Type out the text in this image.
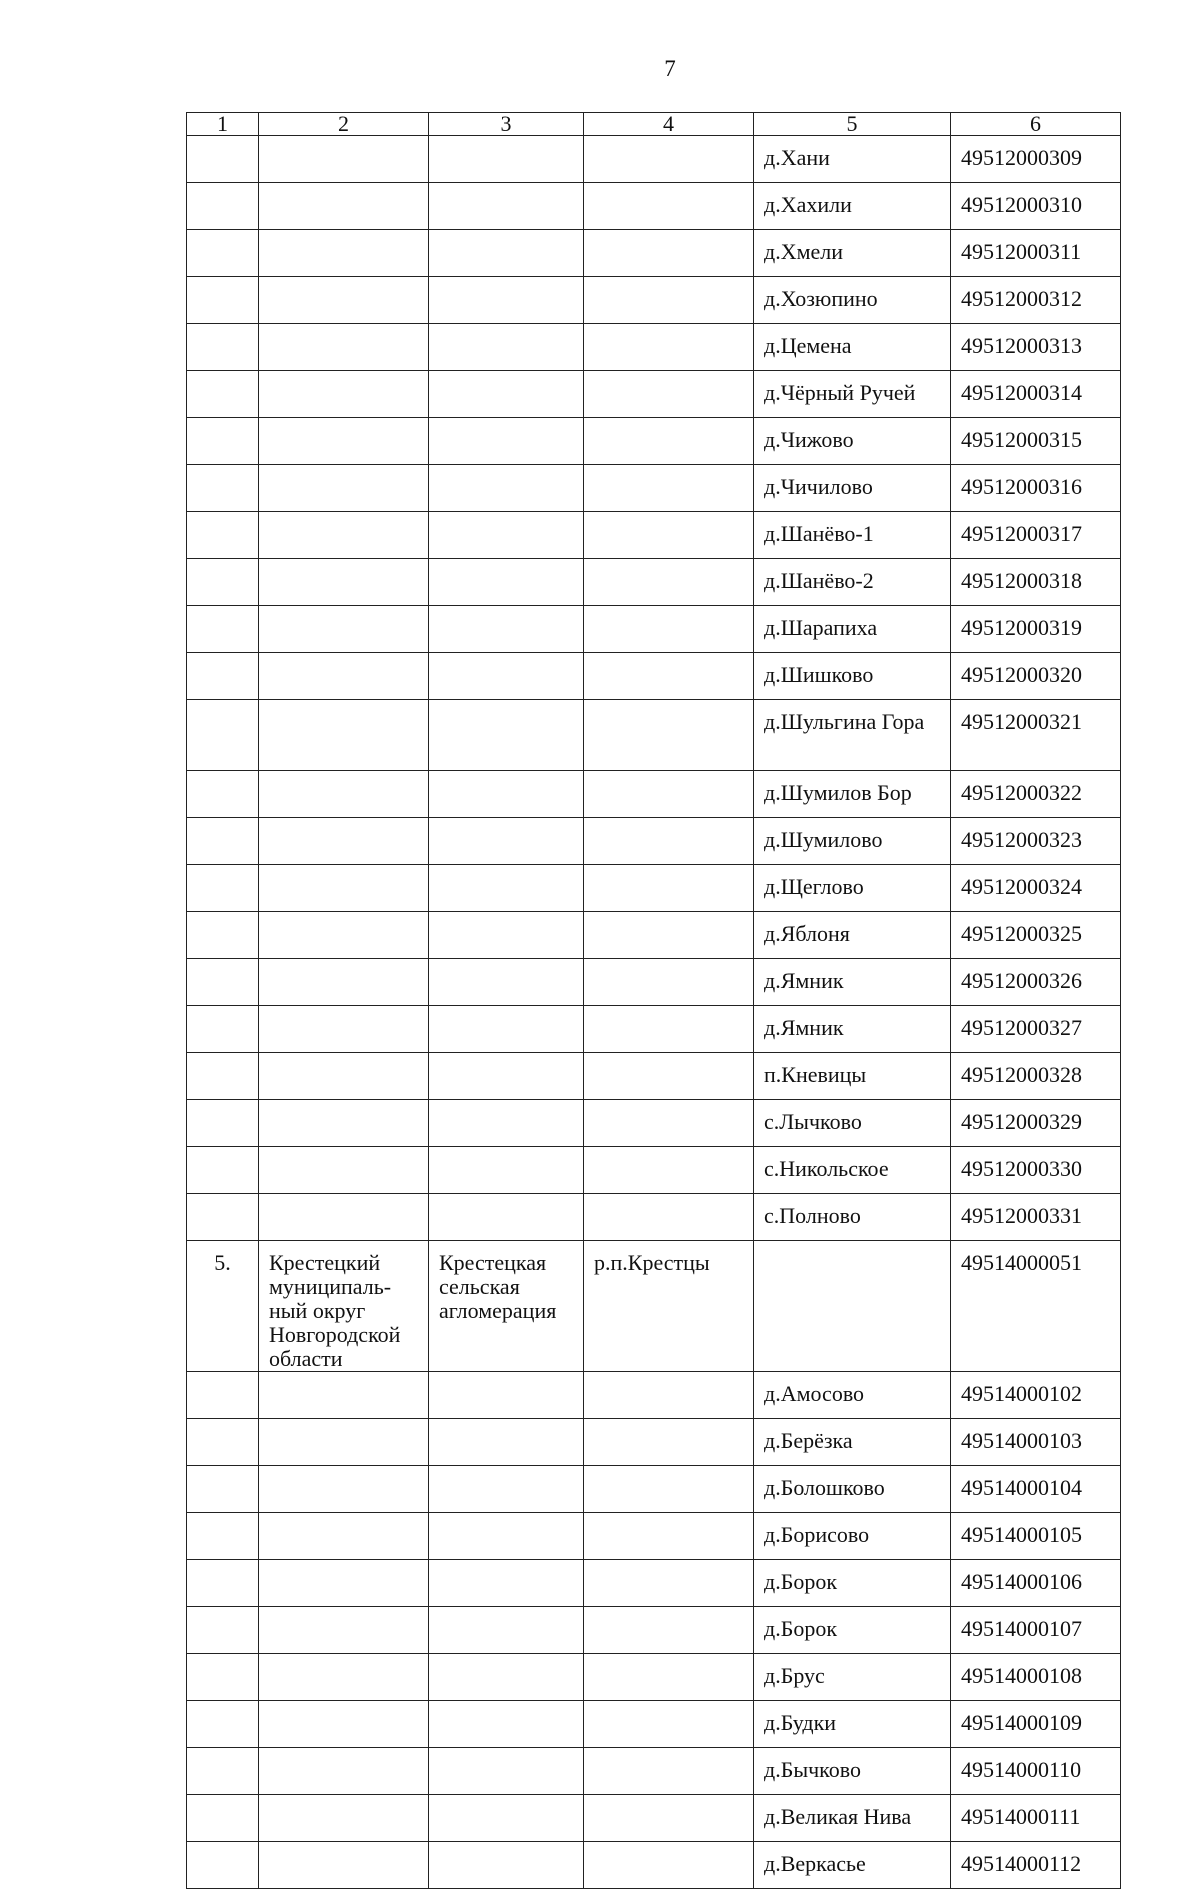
7
1	2	3	4	5	6
				д.Хани	49512000309
				д.Хахили	49512000310
				д.Хмели	49512000311
				д.Хозюпино	49512000312
				д.Цемена	49512000313
				д.Чёрный Ручей	49512000314
				д.Чижово	49512000315
				д.Чичилово	49512000316
				д.Шанёво-1	49512000317
				д.Шанёво-2	49512000318
				д.Шарапиха	49512000319
				д.Шишково	49512000320
				д.Шульгина Гора	49512000321
				д.Шумилов Бор	49512000322
				д.Шумилово	49512000323
				д.Щеглово	49512000324
				д.Яблоня	49512000325
				д.Ямник	49512000326
				д.Ямник	49512000327
				п.Кневицы	49512000328
				с.Лычково	49512000329
				с.Никольское	49512000330
				с.Полново	49512000331
5.	Крестецкий муниципаль-ный округ Новгородской области	Крестецкая сельская агломерация	р.п.Крестцы		49514000051
				д.Амосово	49514000102
				д.Берёзка	49514000103
				д.Болошково	49514000104
				д.Борисово	49514000105
				д.Борок	49514000106
				д.Борок	49514000107
				д.Брус	49514000108
				д.Будки	49514000109
				д.Бычково	49514000110
				д.Великая Нива	49514000111
				д.Веркасье	49514000112
